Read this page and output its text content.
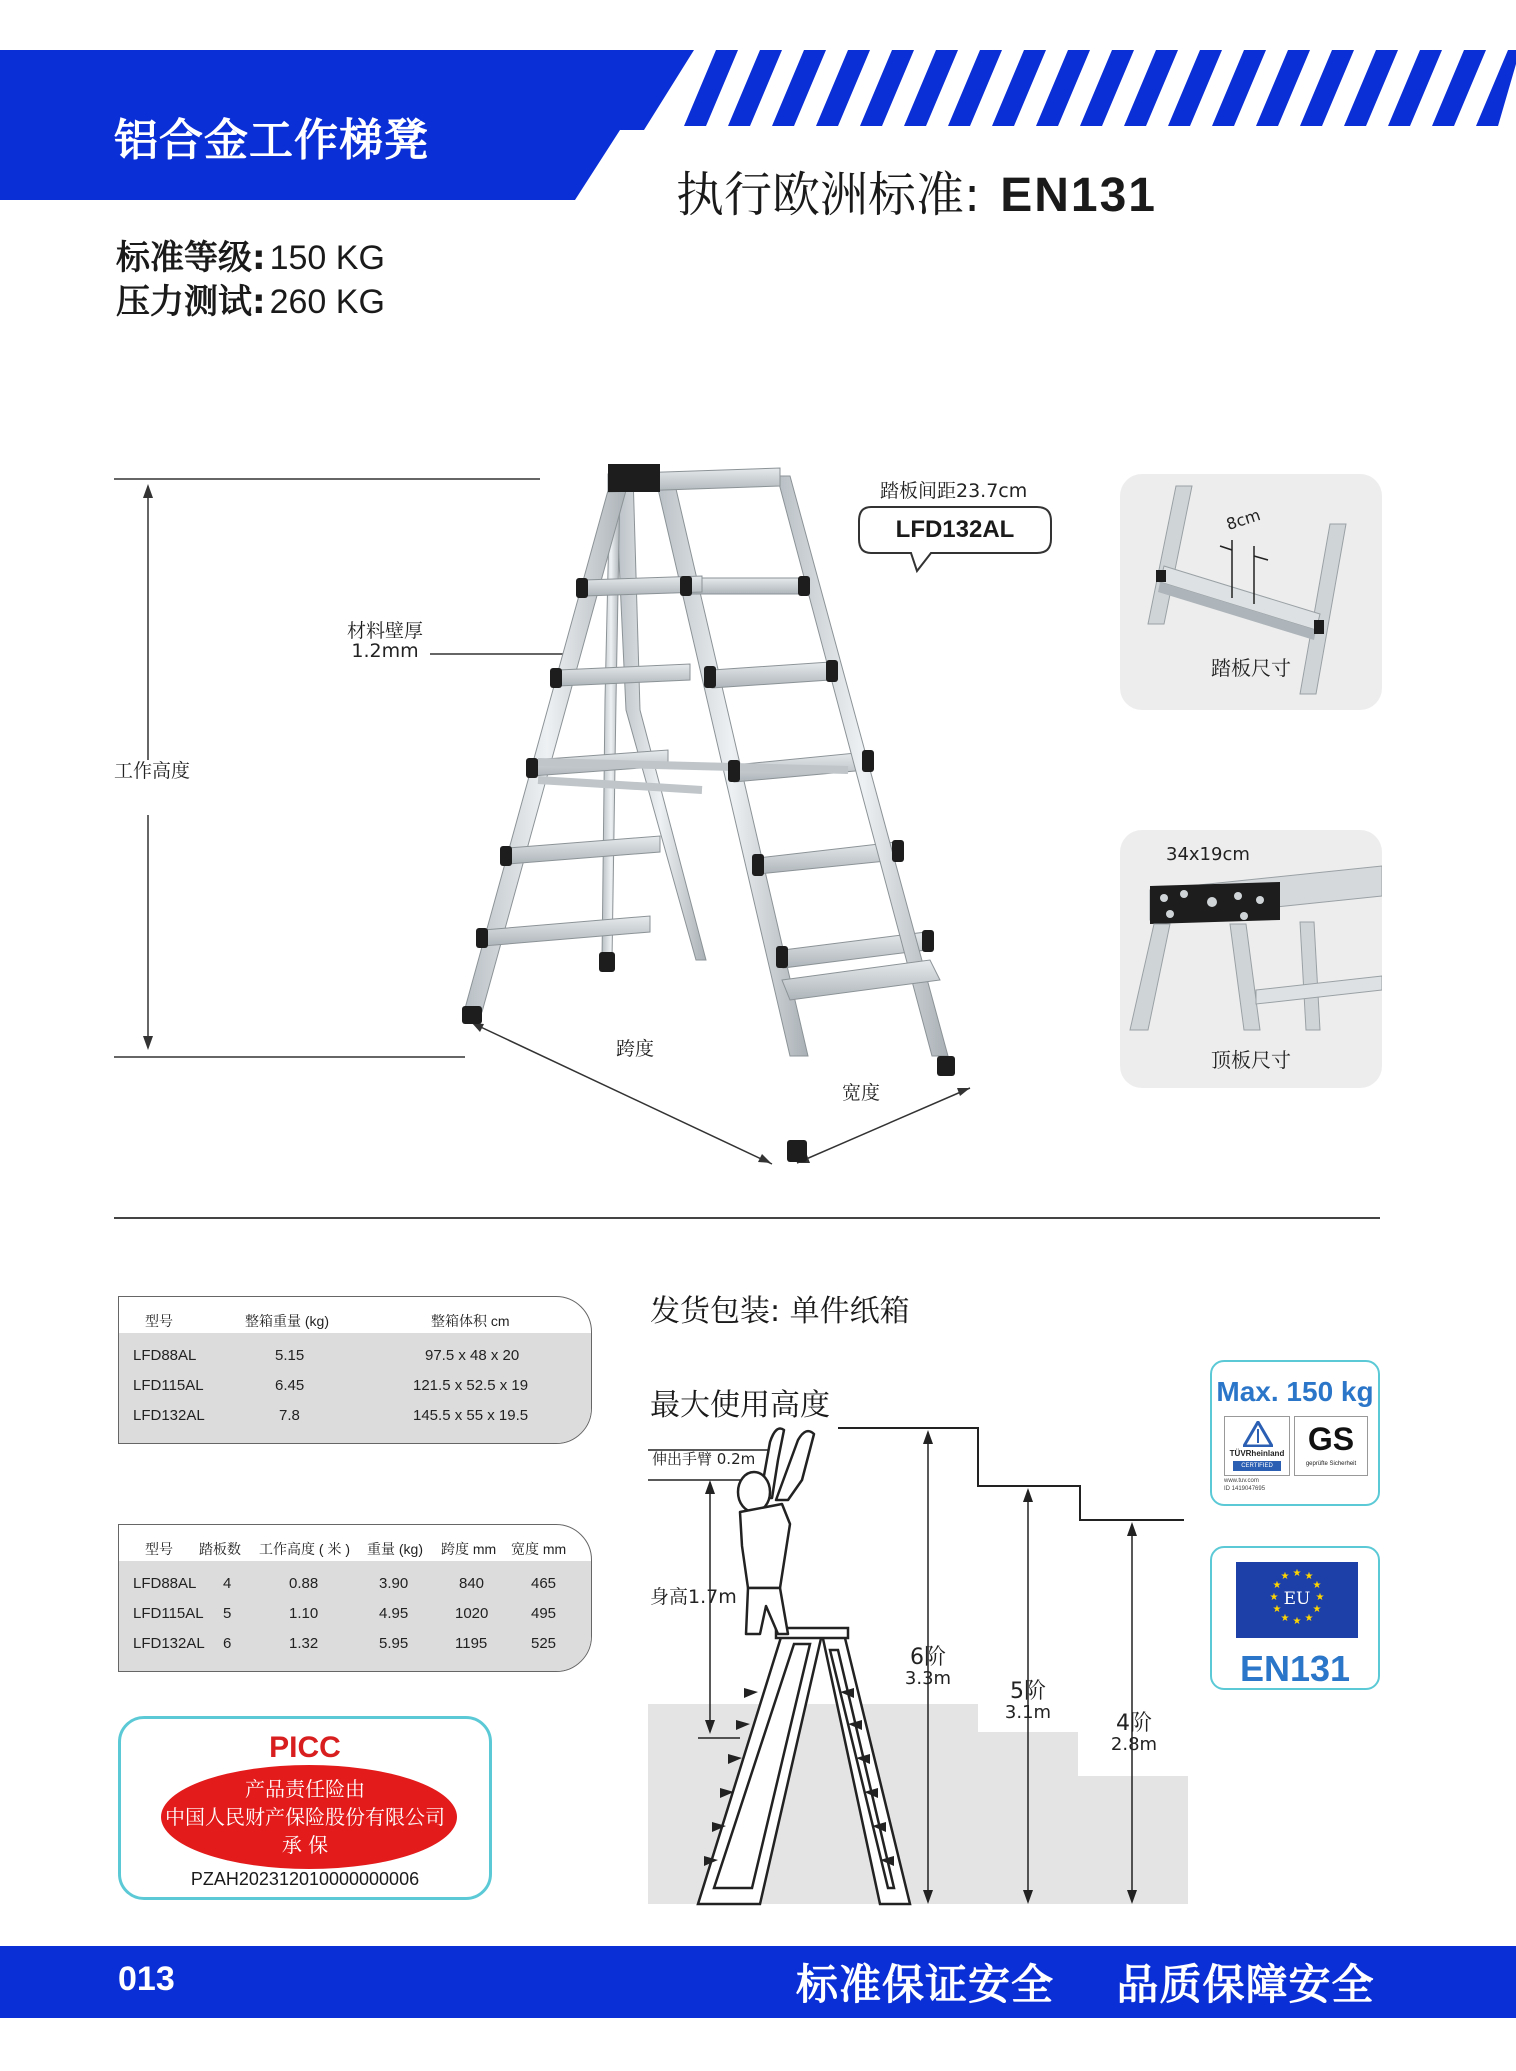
铝合金工作梯凳
执行欧洲标准: EN131
标准等级: 150 KG
压力测试: 260 KG
踏板间距23.7cm
LFD132AL
材料壁厚
1.2mm
工作高度
跨度
宽度
8cm
踏板尺寸
34x19cm
顶板尺寸
型号	整箱重量 (kg)	整箱体积 cm
LFD88AL	5.15	97.5 x 48 x 20
LFD115AL	6.45	121.5 x 52.5 x 19
LFD132AL	7.8	145.5 x 55 x 19.5
型号 踏板数 工作高度 ( 米 ) 重量 (kg) 跨度 mm 宽度 mm
LFD88AL 4	0.88	3.90	840	465
LFD115AL 5	1.10	4.95	1020	495
LFD132AL 6	1.32	5.95	1195	525
PICC
产品责任险由
中国人民财产保险股份有限公司
承 保
PZAH202312010000000006
发货包装: 单件纸箱
最大使用高度
伸出手臂 0.2m
身高1.7m
6阶
3.3m
5阶
3.1m	4阶
2.8m
Max. 150 kg
TÜVRheinland
CERTIFIED
GS
geprüfte Sicherheit
www.tuv.com
ID 1419047695
★ ★
★
★
★
★
★
★
★
★
★
★
EU
EN131
013	标准保证安全    品质保障安全
